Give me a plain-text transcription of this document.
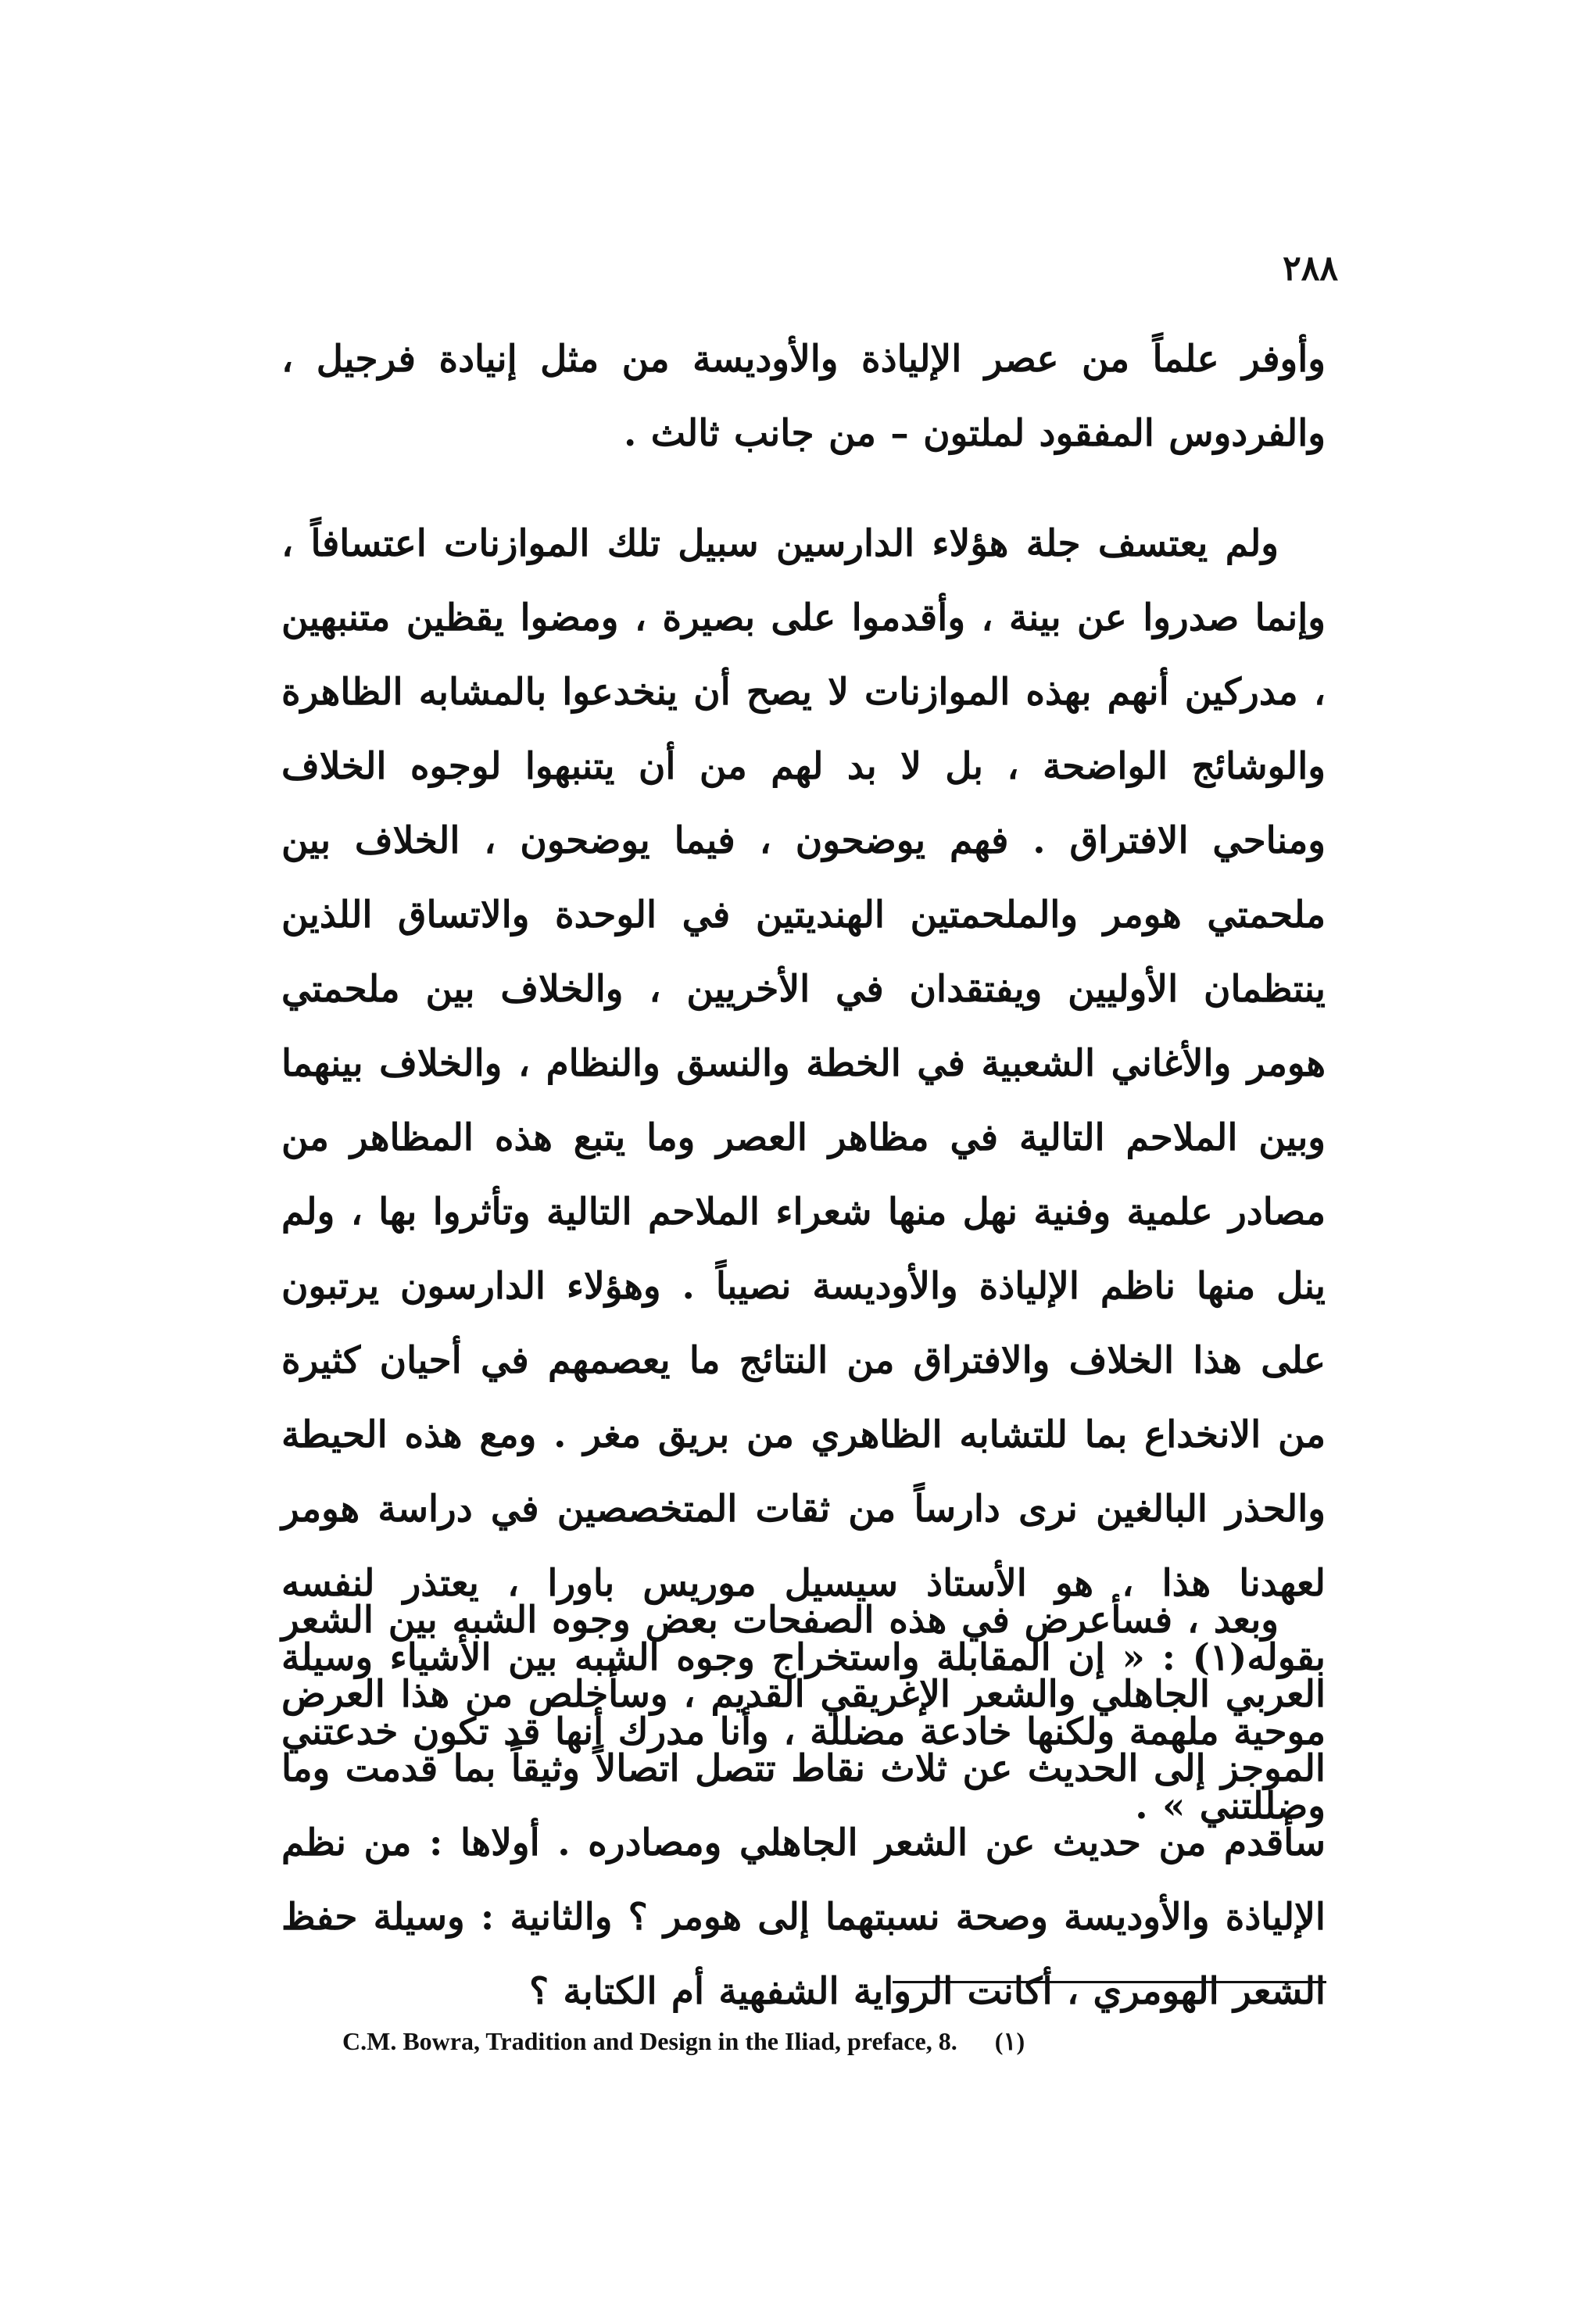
٢٨٨

وأوفر علماً من عصر الإلياذة والأوديسة من مثل إنيادة فرجيل ، والفردوس المفقود لملتون – من جانب ثالث .

ولم يعتسف جلة هؤلاء الدارسين سبيل تلك الموازنات اعتسافاً ، وإنما صدروا عن بينة ، وأقدموا على بصيرة ، ومضوا يقظين متنبهين ، مدركين أنهم بهذه الموازنات لا يصح أن ينخدعوا بالمشابه الظاهرة والوشائج الواضحة ، بل لا بد لهم من أن يتنبهوا لوجوه الخلاف ومناحي الافتراق . فهم يوضحون ، فيما يوضحون ، الخلاف بين ملحمتي هومر والملحمتين الهنديتين في الوحدة والاتساق اللذين ينتظمان الأوليين ويفتقدان في الأخريين ، والخلاف بين ملحمتي هومر والأغاني الشعبية في الخطة والنسق والنظام ، والخلاف بينهما وبين الملاحم التالية في مظاهر العصر وما يتبع هذه المظاهر من مصادر علمية وفنية نهل منها شعراء الملاحم التالية وتأثروا بها ، ولم ينل منها ناظم الإلياذة والأوديسة نصيباً . وهؤلاء الدارسون يرتبون على هذا الخلاف والافتراق من النتائج ما يعصمهم في أحيان كثيرة من الانخداع بما للتشابه الظاهري من بريق مغر . ومع هذه الحيطة والحذر البالغين نرى دارساً من ثقات المتخصصين في دراسة هومر لعهدنا هذا ، هو الأستاذ سيسيل موريس باورا ، يعتذر لنفسه بقوله(١) : « إن المقابلة واستخراج وجوه الشبه بين الأشياء وسيلة موحية ملهمة ولكنها خادعة مضللة ، وأنا مدرك أنها قد تكون خدعتني وضللتني » .

وبعد ، فسأعرض في هذه الصفحات بعض وجوه الشبه بين الشعر العربي الجاهلي والشعر الإغريقي القديم ، وسأخلص من هذا العرض الموجز إلى الحديث عن ثلاث نقاط تتصل اتصالاً وثيقاً بما قدمت وما سأقدم من حديث عن الشعر الجاهلي ومصادره . أولاها : من نظم الإلياذة والأوديسة وصحة نسبتهما إلى هومر ؟ والثانية : وسيلة حفظ الشعر الهومري ، أكانت الرواية الشفهية أم الكتابة ؟

C.M. Bowra, Tradition and Design in the Iliad, preface, 8. (١)
